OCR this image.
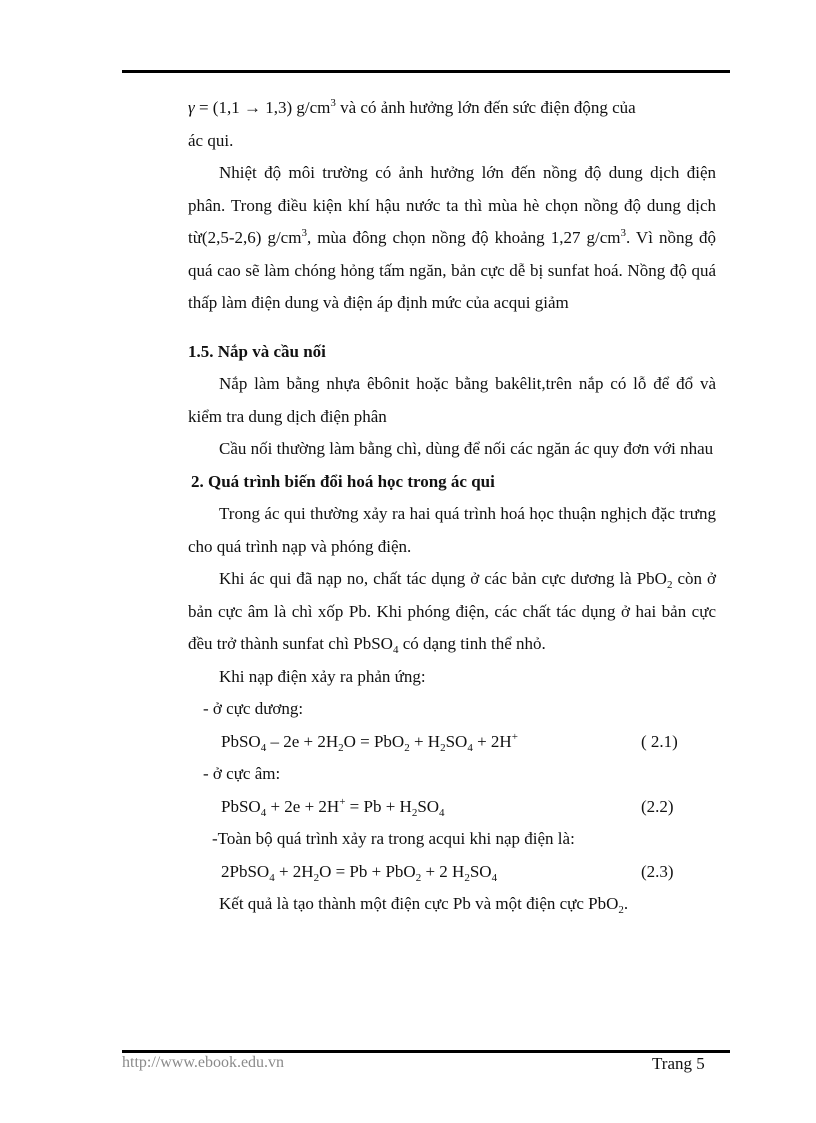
γ = (1,1 → 1,3) $g/cm^3$ và có ảnh hưởng lớn đến sức điện động của

ác qui.

Nhiệt độ môi trường có ảnh hưởng lớn đến nồng độ dung dịch điện phân. Trong điều kiện khí hậu nước ta thì mùa hè chọn nồng độ dung dịch từ(2,5-2,6) $g/cm^3$, mùa đông chọn nồng độ khoảng 1,27 $g/cm^3$. Vì nồng độ quá cao sẽ làm chóng hỏng tấm ngăn, bản cực dễ bị sunfat hoá. Nồng độ quá thấp làm điện dung và điện áp định mức của acqui giảm

1.5. Nắp và cầu nối

Nắp làm bằng nhựa êbônit hoặc bằng bakêlit,trên nắp có lỗ để đổ và kiểm tra dung dịch điện phân

Cầu nối thường làm bằng chì, dùng để nối các ngăn ác quy đơn với nhau

2. Quá trình biến đổi hoá học trong ác qui

Trong ác qui thường xảy ra hai quá trình hoá học thuận nghịch đặc trưng cho quá trình nạp và phóng điện.

Khi ác qui đã nạp no, chất tác dụng ở các bản cực dương là PbO$_2$ còn ở bản cực âm là chì xốp Pb. Khi phóng điện, các chất tác dụng ở hai bản cực đều trở thành sunfat chì PbSO$_4$ có dạng tinh thể nhỏ.

Khi nạp điện xảy ra phản ứng:

- ở cực dương:

PbSO$_4$ – $2e + 2H_2O = PbO_2 + H_2SO_4 + 2H^+$	( 2.1)

- ở cực âm:

PbSO$_4$ + $2e + 2H^+ = Pb + H_2SO_4$	(2.2)

-Toàn bộ quá trình xảy ra trong acqui khi nạp điện là:

2PbSO$_4$ + $2H_2O = Pb + PbO_2 + 2$ $H_2SO_4$	(2.3)

Kết quả là tạo thành một điện cực Pb và một điện cực PbO$_2$.

http://www.ebook.edu.vn	Trang 5
